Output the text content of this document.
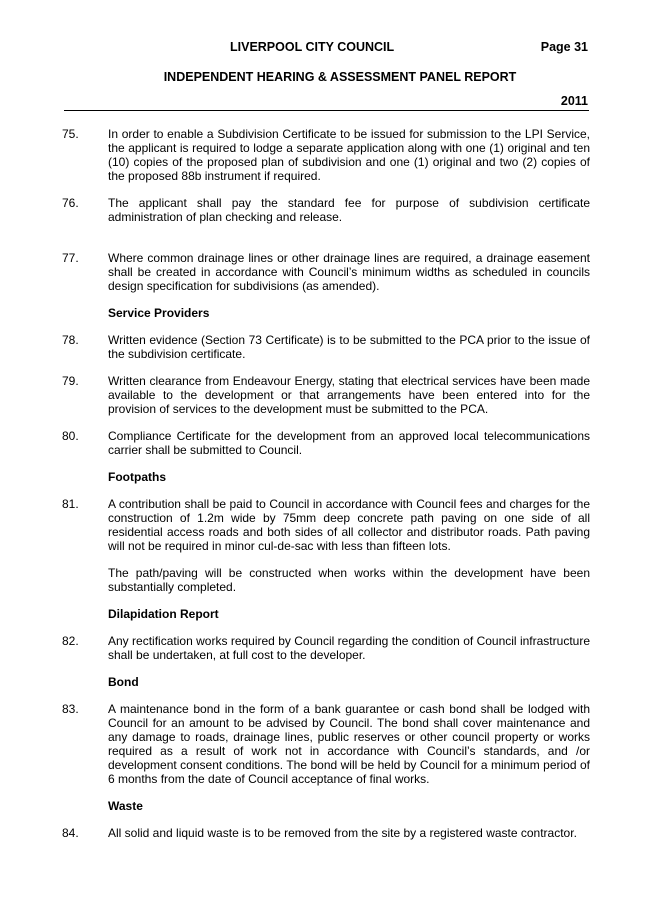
LIVERPOOL CITY COUNCIL	Page 31
INDEPENDENT HEARING & ASSESSMENT PANEL REPORT
2011
75.	In order to enable a Subdivision Certificate to be issued for submission to the LPI Service, the applicant is required to lodge a separate application along with one (1) original and ten (10) copies of the proposed plan of subdivision and one (1) original and two (2) copies of the proposed 88b instrument if required.
76.	The applicant shall pay the standard fee for purpose of subdivision certificate administration of plan checking and release.
77.	Where common drainage lines or other drainage lines are required, a drainage easement shall be created in accordance with Council’s minimum widths as scheduled in councils design specification for subdivisions (as amended).
Service Providers
78.	Written evidence (Section 73 Certificate) is to be submitted to the PCA prior to the issue of the subdivision certificate.
79.	Written clearance from Endeavour Energy, stating that electrical services have been made available to the development or that arrangements have been entered into for the provision of services to the development must be submitted to the PCA.
80.	Compliance Certificate for the development from an approved local telecommunications carrier shall be submitted to Council.
Footpaths
81.	A contribution shall be paid to Council in accordance with Council fees and charges for the construction of 1.2m wide by 75mm deep concrete path paving on one side of all residential access roads and both sides of all collector and distributor roads. Path paving will not be required in minor cul-de-sac with less than fifteen lots.
The path/paving will be constructed when works within the development have been substantially completed.
Dilapidation Report
82.	Any rectification works required by Council regarding the condition of Council infrastructure shall be undertaken, at full cost to the developer.
Bond
83.	A maintenance bond in the form of a bank guarantee or cash bond shall be lodged with Council for an amount to be advised by Council. The bond shall cover maintenance and any damage to roads, drainage lines, public reserves or other council property or works required as a result of work not in accordance with Council’s standards, and /or development consent conditions. The bond will be held by Council for a minimum period of 6 months from the date of Council acceptance of final works.
Waste
84.	All solid and liquid waste is to be removed from the site by a registered waste contractor.
